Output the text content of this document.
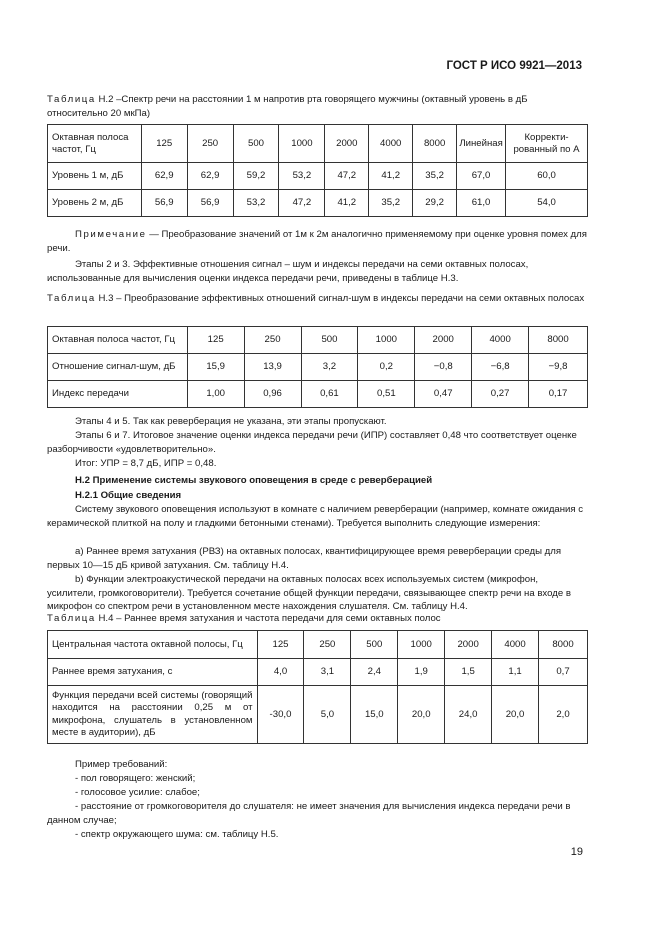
ГОСТ Р ИСО 9921—2013
Таблица Н.2 –Спектр речи на расстоянии 1 м напротив рта говорящего мужчины (октавный уровень в дБ относительно 20 мкПа)
Октавная полоса частот, Гц	125	250	500	1000	2000	4000	8000	Линейная	Корректи-рованный по А
Уровень 1 м, дБ	62,9	62,9	59,2	53,2	47,2	41,2	35,2	67,0	60,0
Уровень 2 м, дБ	56,9	56,9	53,2	47,2	41,2	35,2	29,2	61,0	54,0
Примечание — Преобразование значений от 1м к 2м аналогично применяемому при оценке уровня помех для речи.
Этапы 2 и 3. Эффективные отношения сигнал – шум и индексы передачи на семи октавных полосах, использованные для вычисления оценки индекса передачи речи, приведены в таблице Н.3.
Таблица Н.3 – Преобразование эффективных отношений сигнал-шум в индексы передачи на семи октавных полосах
Октавная полоса частот, Гц	125	250	500	1000	2000	4000	8000
Отношение сигнал-шум, дБ	15,9	13,9	3,2	0,2	−0,8	−6,8	−9,8
Индекс передачи	1,00	0,96	0,61	0,51	0,47	0,27	0,17
Этапы 4 и 5. Так как реверберация не указана, эти этапы пропускают.
Этапы 6 и 7. Итоговое значение оценки индекса передачи речи (ИПР) составляет 0,48 что соответствует оценке разборчивости «удовлетворительно».
Итог: УПР = 8,7 дБ, ИПР = 0,48.
Н.2 Применение системы звукового оповещения в среде с реверберацией
Н.2.1 Общие сведения
Систему звукового оповещения используют в комнате с наличием реверберации (например, комнате ожидания с керамической плиткой на полу и гладкими бетонными стенами). Требуется выполнить следующие измерения:
а) Раннее время затухания (РВЗ) на октавных полосах, квантифицирующее время реверберации среды для первых 10—15 дБ кривой затухания. См. таблицу Н.4.
b) Функции электроакустической передачи на октавных полосах всех используемых систем (микрофон, усилители, громкоговорители). Требуется сочетание общей функции передачи, связывающее спектр речи на входе в микрофон со спектром речи в установленном месте нахождения слушателя. См. таблицу Н.4.
Таблица Н.4 – Раннее время затухания и частота передачи для семи октавных полос
Центральная частота октавной полосы, Гц	125	250	500	1000	2000	4000	8000
Раннее время затухания, с	4,0	3,1	2,4	1,9	1,5	1,1	0,7
Функция передачи всей системы (говорящий находится на расстоянии 0,25 м от микрофона, слушатель в установленном месте в аудитории), дБ	-30,0	5,0	15,0	20,0	24,0	20,0	2,0
Пример требований:
- пол говорящего: женский;
- голосовое усилие: слабое;
- расстояние от громкоговорителя до слушателя: не имеет значения для вычисления индекса передачи речи в данном случае;
- спектр окружающего шума: см. таблицу Н.5.
19
